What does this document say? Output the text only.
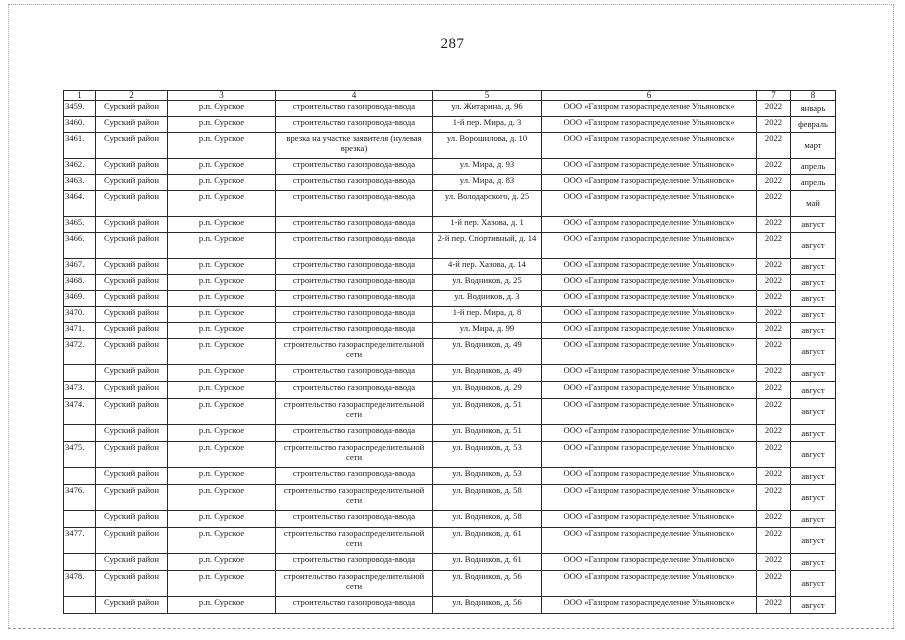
287
1	2	3	4	5	6	7	8
3459.	Сурский район	р.п. Сурское	строительство газопровода-ввода	ул. Житарина, д. 96	ООО «Газпром газораспределение Ульяновск»	2022	январь
3460.	Сурский район	р.п. Сурское	строительство газопровода-ввода	1-й пер. Мира, д. 3	ООО «Газпром газораспределение Ульяновск»	2022	февраль
3461.	Сурский район	р.п. Сурское	врезка на участке заявителя (нулевая врезка)	ул. Ворошилова, д. 10	ООО «Газпром газораспределение Ульяновск»	2022	март
3462.	Сурский район	р.п. Сурское	строительство газопровода-ввода	ул. Мира, д. 93	ООО «Газпром газораспределение Ульяновск»	2022	апрель
3463.	Сурский район	р.п. Сурское	строительство газопровода-ввода	ул. Мира, д. 83	ООО «Газпром газораспределение Ульяновск»	2022	апрель
3464.	Сурский район	р.п. Сурское	строительство газопровода-ввода	ул. Володарского, д. 25	ООО «Газпром газораспределение Ульяновск»	2022	май
3465.	Сурский район	р.п. Сурское	строительство газопровода-ввода	1-й пер. Хазова, д. 1	ООО «Газпром газораспределение Ульяновск»	2022	август
3466.	Сурский район	р.п. Сурское	строительство газопровода-ввода	2-й пер. Спортивный, д. 14	ООО «Газпром газораспределение Ульяновск»	2022	август
3467.	Сурский район	р.п. Сурское	строительство газопровода-ввода	4-й пер. Хазова, д. 14	ООО «Газпром газораспределение Ульяновск»	2022	август
3468.	Сурский район	р.п. Сурское	строительство газопровода-ввода	ул. Водников, д. 25	ООО «Газпром газораспределение Ульяновск»	2022	август
3469.	Сурский район	р.п. Сурское	строительство газопровода-ввода	ул. Водников, д. 3	ООО «Газпром газораспределение Ульяновск»	2022	август
3470.	Сурский район	р.п. Сурское	строительство газопровода-ввода	1-й пер. Мира, д. 8	ООО «Газпром газораспределение Ульяновск»	2022	август
3471.	Сурский район	р.п. Сурское	строительство газопровода-ввода	ул. Мира, д. 99	ООО «Газпром газораспределение Ульяновск»	2022	август
3472.	Сурский район	р.п. Сурское	строительство газораспределительной сети	ул. Водников, д. 49	ООО «Газпром газораспределение Ульяновск»	2022	август
	Сурский район	р.п. Сурское	строительство газопровода-ввода	ул. Водников, д. 49	ООО «Газпром газораспределение Ульяновск»	2022	август
3473.	Сурский район	р.п. Сурское	строительство газопровода-ввода	ул. Водников, д. 29	ООО «Газпром газораспределение Ульяновск»	2022	август
3474.	Сурский район	р.п. Сурское	строительство газораспределительной сети	ул. Водников, д. 51	ООО «Газпром газораспределение Ульяновск»	2022	август
	Сурский район	р.п. Сурское	строительство газопровода-ввода	ул. Водников, д. 51	ООО «Газпром газораспределение Ульяновск»	2022	август
3475.	Сурский район	р.п. Сурское	строительство газораспределительной сети	ул. Водников, д. 53	ООО «Газпром газораспределение Ульяновск»	2022	август
	Сурский район	р.п. Сурское	строительство газопровода-ввода	ул. Водников, д. 53	ООО «Газпром газораспределение Ульяновск»	2022	август
3476.	Сурский район	р.п. Сурское	строительство газораспределительной сети	ул. Водников, д. 58	ООО «Газпром газораспределение Ульяновск»	2022	август
	Сурский район	р.п. Сурское	строительство газопровода-ввода	ул. Водников, д. 58	ООО «Газпром газораспределение Ульяновск»	2022	август
3477.	Сурский район	р.п. Сурское	строительство газораспределительной сети	ул. Водников, д. 61	ООО «Газпром газораспределение Ульяновск»	2022	август
	Сурский район	р.п. Сурское	строительство газопровода-ввода	ул. Водников, д. 61	ООО «Газпром газораспределение Ульяновск»	2022	август
3478.	Сурский район	р.п. Сурское	строительство газораспределительной сети	ул. Водников, д. 56	ООО «Газпром газораспределение Ульяновск»	2022	август
	Сурский район	р.п. Сурское	строительство газопровода-ввода	ул. Водников, д. 56	ООО «Газпром газораспределение Ульяновск»	2022	август
